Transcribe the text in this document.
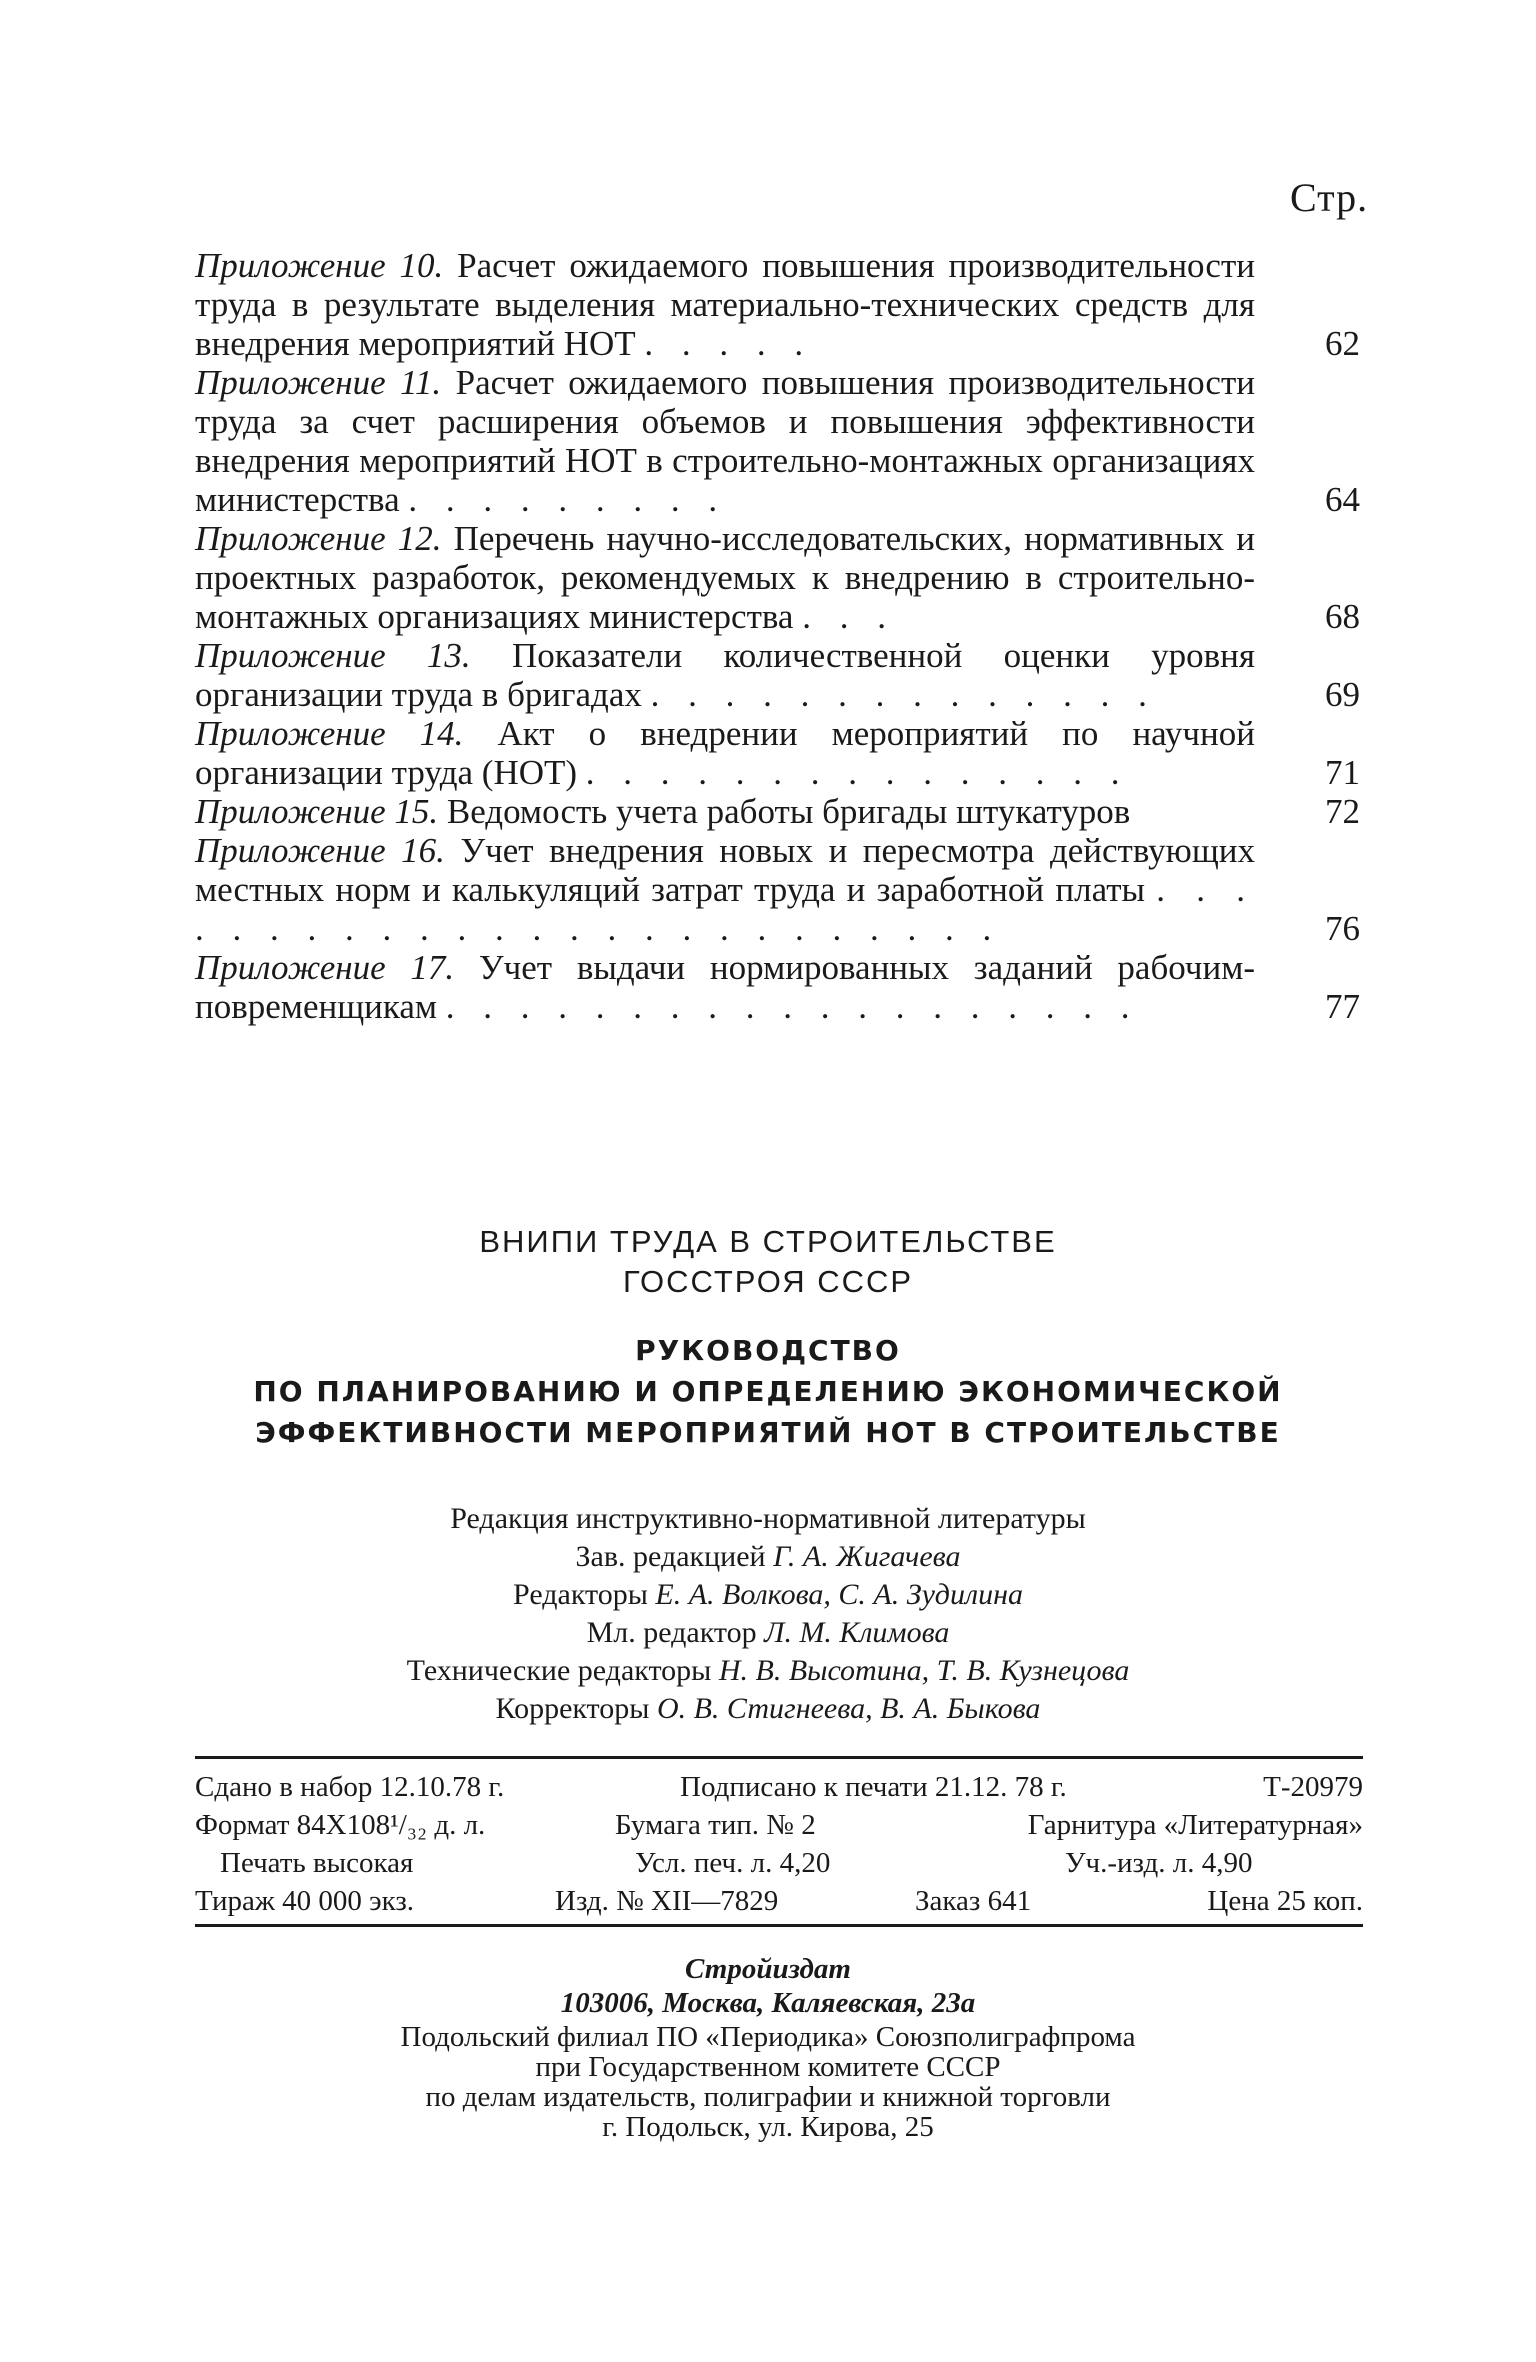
Стр.
Приложение 10. Расчет ожидаемого повышения производительности труда в результате выделения материально-технических средств для внедрения мероприятий НОТ . . . . .	62
Приложение 11. Расчет ожидаемого повышения производительности труда за счет расширения объемов и повышения эффективности внедрения мероприятий НОТ в строительно-монтажных организациях министерства . . . . . . . . .	64
Приложение 12. Перечень научно-исследовательских, нормативных и проектных разработок, рекомендуемых к внедрению в строительно-монтажных организациях министерства . . .	68
Приложение 13. Показатели количественной оценки уровня организации труда в бригадах . . . . . . . . . . . . . .	69
Приложение 14. Акт о внедрении мероприятий по научной организации труда (НОТ) . . . . . . . . . . . . . . .	71
Приложение 15. Ведомость учета работы бригады штукатуров	72
Приложение 16. Учет внедрения новых и пересмотра действующих местных норм и калькуляций затрат труда и заработной платы . . . . . . . . . . . . . . . . . . . . . . . . .	76
Приложение 17. Учет выдачи нормированных заданий рабочим-повременщикам . . . . . . . . . . . . . . . . . . .	77
ВНИПИ ТРУДА В СТРОИТЕЛЬСТВЕ
ГОССТРОЯ СССР
РУКОВОДСТВО
ПО ПЛАНИРОВАНИЮ И ОПРЕДЕЛЕНИЮ ЭКОНОМИЧЕСКОЙ
ЭФФЕКТИВНОСТИ МЕРОПРИЯТИЙ НОТ В СТРОИТЕЛЬСТВЕ
Редакция инструктивно-нормативной литературы
Зав. редакцией Г. А. Жигачева
Редакторы Е. А. Волкова, С. А. Зудилина
Мл. редактор Л. М. Климова
Технические редакторы Н. В. Высотина, Т. В. Кузнецова
Корректоры О. В. Стигнеева, В. А. Быкова
Сдано в набор 12.10.78 г.	Подписано к печати 21.12. 78 г.	Т-20979
Формат 84Х108¹/₃₂ д. л.	Бумага тип. № 2	Гарнитура «Литературная»
Печать высокая	Усл. печ. л. 4,20	Уч.-изд. л. 4,90
Тираж 40 000 экз.	Изд. № XII—7829	Заказ 641	Цена 25 коп.
Стройиздат
103006, Москва, Каляевская, 23а
Подольский филиал ПО «Периодика» Союзполиграфпрома
при Государственном комитете СССР
по делам издательств, полиграфии и книжной торговли
г. Подольск, ул. Кирова, 25
